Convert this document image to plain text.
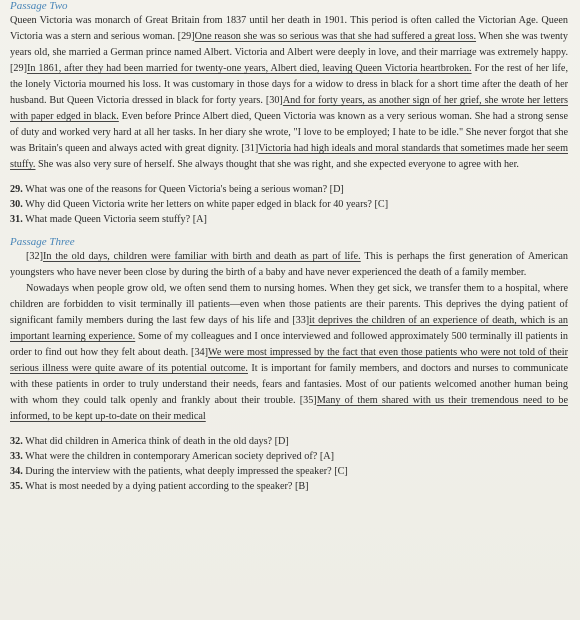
Passage Two

Queen Victoria was monarch of Great Britain from 1837 until her death in 1901. This period is often called the Victorian Age. Queen Victoria was a stern and serious woman. [29]One reason she was so serious was that she had suffered a great loss. When she was twenty years old, she married a German prince named Albert. Victoria and Albert were deeply in love, and their marriage was extremely happy. [29]In 1861, after they had been married for twenty-one years, Albert died, leaving Queen Victoria heartbroken. For the rest of her life, the lonely Victoria mourned his loss. It was customary in those days for a widow to dress in black for a short time after the death of her husband. But Queen Victoria dressed in black for forty years. [30]And for forty years, as another sign of her grief, she wrote her letters with paper edged in black. Even before Prince Albert died, Queen Victoria was known as a very serious woman. She had a strong sense of duty and worked very hard at all her tasks. In her diary she wrote, "I love to be employed; I hate to be idle." She never forgot that she was Britain's queen and always acted with great dignity. [31]Victoria had high ideals and moral standards that sometimes made her seem stuffy. She was also very sure of herself. She always thought that she was right, and she expected everyone to agree with her.

29. What was one of the reasons for Queen Victoria's being a serious woman? [D]

30. Why did Queen Victoria write her letters on white paper edged in black for 40 years? [C]

31. What made Queen Victoria seem stuffy? [A]

Passage Three

[32]In the old days, children were familiar with birth and death as part of life. This is perhaps the first generation of American youngsters who have never been close by during the birth of a baby and have never experienced the death of a family member.

Nowadays when people grow old, we often send them to nursing homes. When they get sick, we transfer them to a hospital, where children are forbidden to visit terminally ill patients—even when those patients are their parents. This deprives the dying patient of significant family members during the last few days of his life and [33]it deprives the children of an experience of death, which is an important learning experience. Some of my colleagues and I once interviewed and followed approximately 500 terminally ill patients in order to find out how they felt about death. [34]We were most impressed by the fact that even those patients who were not told of their serious illness were quite aware of its potential outcome. It is important for family members, and doctors and nurses to communicate with these patients in order to truly understand their needs, fears and fantasies. Most of our patients welcomed another human being with whom they could talk openly and frankly about their trouble. [35]Many of them shared with us their tremendous need to be informed, to be kept up-to-date on their medical

32. What did children in America think of death in the old days? [D]

33. What were the children in contemporary American society deprived of? [A]

34. During the interview with the patients, what deeply impressed the speaker? [C]

35. What is most needed by a dying patient according to the speaker? [B]
